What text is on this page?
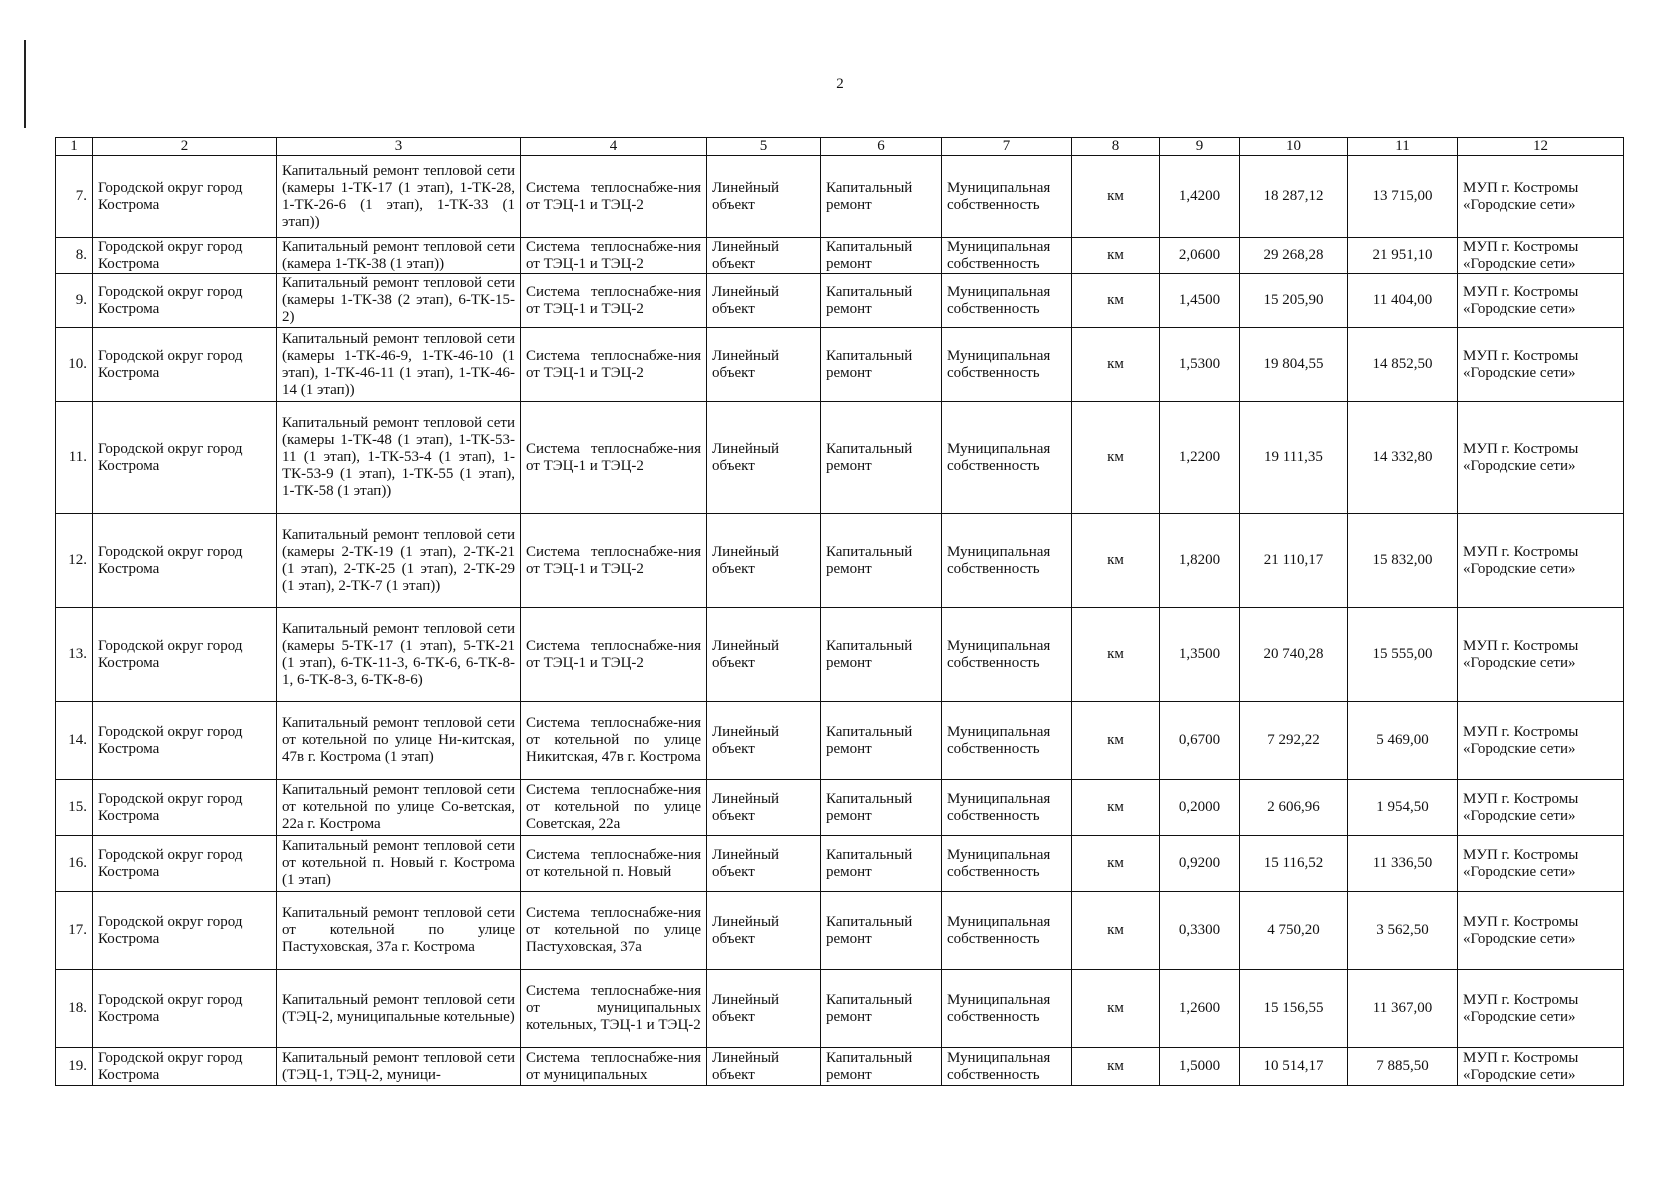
2
1	2	3	4	5	6	7	8	9	10	11	12
7.	Городской округ город Кострома	Капитальный ремонт тепловой сети (камеры 1-ТК-17 (1 этап), 1-ТК-28, 1-ТК-26-6 (1 этап), 1-ТК-33 (1 этап))	Система теплоснабже-ния от ТЭЦ-1 и ТЭЦ-2	Линейный объект	Капитальный ремонт	Муниципальная собственность	км	1,4200	18 287,12	13 715,00	МУП г. Костромы «Городские сети»
8.	Городской округ город Кострома	Капитальный ремонт тепловой сети (камера 1-ТК-38 (1 этап))	Система теплоснабже-ния от ТЭЦ-1 и ТЭЦ-2	Линейный объект	Капитальный ремонт	Муниципальная собственность	км	2,0600	29 268,28	21 951,10	МУП г. Костромы «Городские сети»
9.	Городской округ город Кострома	Капитальный ремонт тепловой сети (камеры 1-ТК-38 (2 этап), 6-ТК-15-2)	Система теплоснабже-ния от ТЭЦ-1 и ТЭЦ-2	Линейный объект	Капитальный ремонт	Муниципальная собственность	км	1,4500	15 205,90	11 404,00	МУП г. Костромы «Городские сети»
10.	Городской округ город Кострома	Капитальный ремонт тепловой сети (камеры 1-ТК-46-9, 1-ТК-46-10 (1 этап), 1-ТК-46-11 (1 этап), 1-ТК-46-14 (1 этап))	Система теплоснабже-ния от ТЭЦ-1 и ТЭЦ-2	Линейный объект	Капитальный ремонт	Муниципальная собственность	км	1,5300	19 804,55	14 852,50	МУП г. Костромы «Городские сети»
11.	Городской округ город Кострома	Капитальный ремонт тепловой сети (камеры 1-ТК-48 (1 этап), 1-ТК-53-11 (1 этап), 1-ТК-53-4 (1 этап), 1-ТК-53-9 (1 этап), 1-ТК-55 (1 этап), 1-ТК-58 (1 этап))	Система теплоснабже-ния от ТЭЦ-1 и ТЭЦ-2	Линейный объект	Капитальный ремонт	Муниципальная собственность	км	1,2200	19 111,35	14 332,80	МУП г. Костромы «Городские сети»
12.	Городской округ город Кострома	Капитальный ремонт тепловой сети (камеры 2-ТК-19 (1 этап), 2-ТК-21 (1 этап), 2-ТК-25 (1 этап), 2-ТК-29 (1 этап), 2-ТК-7 (1 этап))	Система теплоснабже-ния от ТЭЦ-1 и ТЭЦ-2	Линейный объект	Капитальный ремонт	Муниципальная собственность	км	1,8200	21 110,17	15 832,00	МУП г. Костромы «Городские сети»
13.	Городской округ город Кострома	Капитальный ремонт тепловой сети (камеры 5-ТК-17 (1 этап), 5-ТК-21 (1 этап), 6-ТК-11-3, 6-ТК-6, 6-ТК-8-1, 6-ТК-8-3, 6-ТК-8-6)	Система теплоснабже-ния от ТЭЦ-1 и ТЭЦ-2	Линейный объект	Капитальный ремонт	Муниципальная собственность	км	1,3500	20 740,28	15 555,00	МУП г. Костромы «Городские сети»
14.	Городской округ город Кострома	Капитальный ремонт тепловой сети от котельной по улице Ни-китская, 47в г. Кострома (1 этап)	Система теплоснабже-ния от котельной по улице Никитская, 47в г. Кострома	Линейный объект	Капитальный ремонт	Муниципальная собственность	км	0,6700	7 292,22	5 469,00	МУП г. Костромы «Городские сети»
15.	Городской округ город Кострома	Капитальный ремонт тепловой сети от котельной по улице Со-ветская, 22а г. Кострома	Система теплоснабже-ния от котельной по улице Советская, 22а	Линейный объект	Капитальный ремонт	Муниципальная собственность	км	0,2000	2 606,96	1 954,50	МУП г. Костромы «Городские сети»
16.	Городской округ город Кострома	Капитальный ремонт тепловой сети от котельной п. Новый г. Кострома (1 этап)	Система теплоснабже-ния от котельной п. Новый	Линейный объект	Капитальный ремонт	Муниципальная собственность	км	0,9200	15 116,52	11 336,50	МУП г. Костромы «Городские сети»
17.	Городской округ город Кострома	Капитальный ремонт тепловой сети от котельной по улице Пастуховская, 37а г. Кострома	Система теплоснабже-ния от котельной по улице Пастуховская, 37а	Линейный объект	Капитальный ремонт	Муниципальная собственность	км	0,3300	4 750,20	3 562,50	МУП г. Костромы «Городские сети»
18.	Городской округ город Кострома	Капитальный ремонт тепловой сети (ТЭЦ-2, муниципальные котельные)	Система теплоснабже-ния от муниципальных котельных, ТЭЦ-1 и ТЭЦ-2	Линейный объект	Капитальный ремонт	Муниципальная собственность	км	1,2600	15 156,55	11 367,00	МУП г. Костромы «Городские сети»
19.	Городской округ город Кострома	Капитальный ремонт тепловой сети (ТЭЦ-1, ТЭЦ-2, муници-	Система теплоснабже-ния от муниципальных	Линейный объект	Капитальный ремонт	Муниципальная собственность	км	1,5000	10 514,17	7 885,50	МУП г. Костромы «Городские сети»
